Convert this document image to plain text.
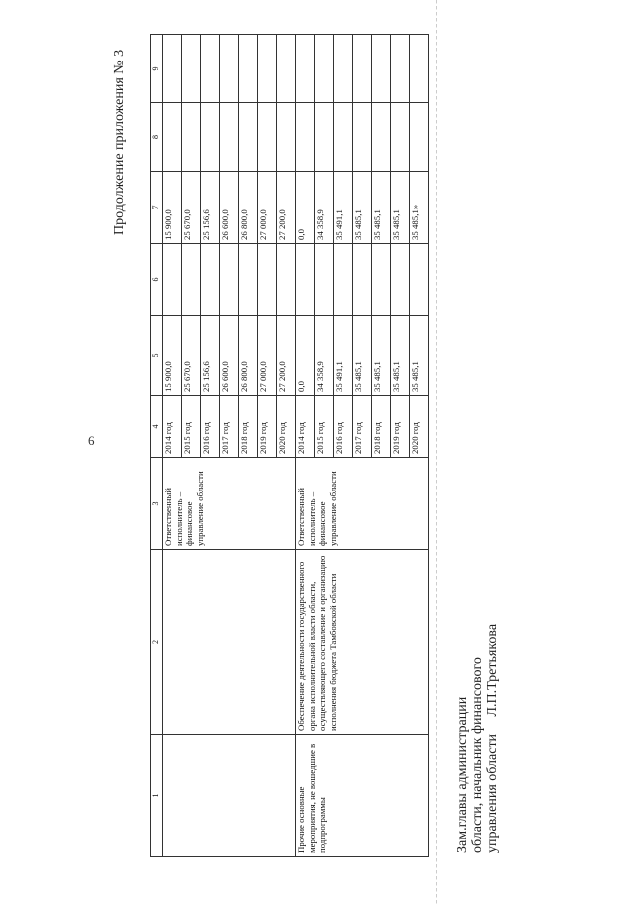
6
Продолжение приложения № 3
1	2	3	4	5	6	7	8	9
		Ответственный исполнитель – финансовое управление области	2014 год	15 900,0		15 900,0		
			2015 год	25 670,0		25 670,0		
			2016 год	25 156,6		25 156,6		
			2017 год	26 600,0		26 600,0		
			2018 год	26 800,0		26 800,0		
			2019 год	27 000,0		27 000,0		
			2020 год	27 200,0		27 200,0		
Прочие основные мероприятия, не вошедшие в подпрограммы	Обеспечение деятельности государственного органа исполнительной власти области, осуществляющего составление и организацию исполнения бюджета Тамбовской области	Ответственный исполнитель – финансовое управление области	2014 год	0,0		0,0		
			2015 год	34 358,9		34 358,9		
			2016 год	35 491,1		35 491,1		
			2017 год	35 485,1		35 485,1		
			2018 год	35 485,1		35 485,1		
			2019 год	35 485,1		35 485,1		
			2020 год	35 485,1		35 485,1»		
Зам.главы администрации области, начальник финансового управления области     Л.П.Третьякова
